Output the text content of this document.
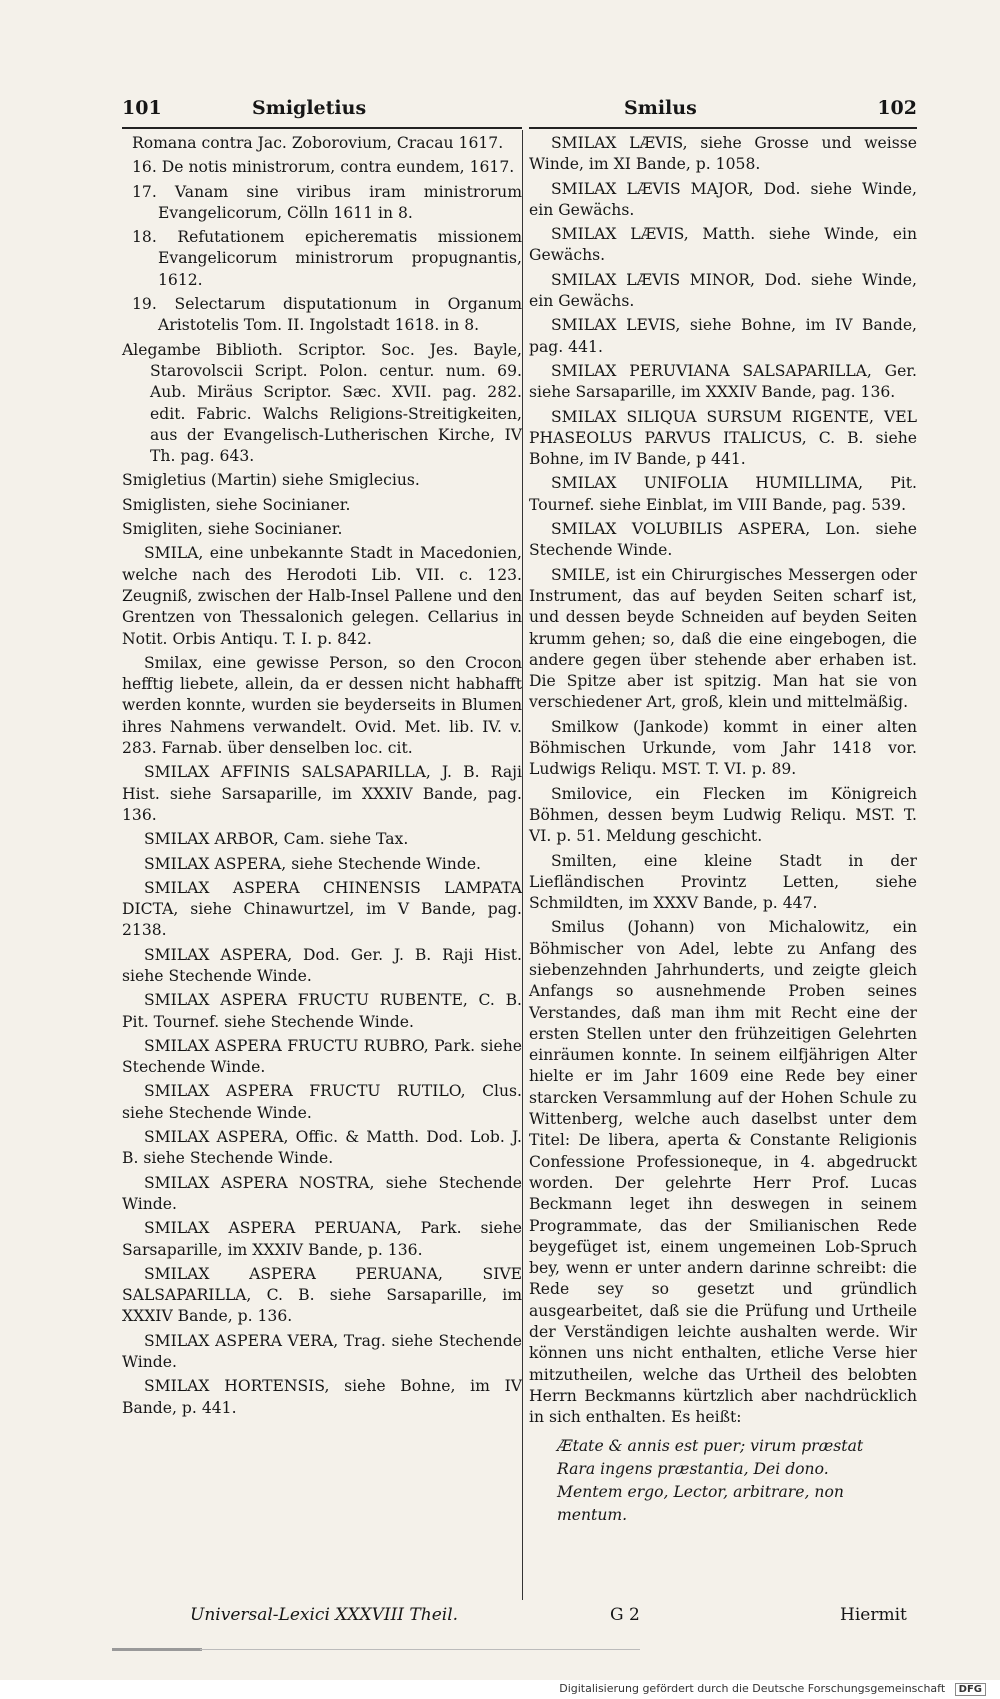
101	Smigletius	Smilus	102
Romana contra Jac. Zoborovium, Cracau 1617.
16. De notis ministrorum, contra eundem, 1617.
17. Vanam sine viribus iram ministrorum Evangelicorum, Cölln 1611 in 8.
18. Refutationem epicherematis missionem Evangelicorum ministrorum propugnantis, 1612.
19. Selectarum disputationum in Organum Aristotelis Tom. II. Ingolstadt 1618. in 8.
Alegambe Biblioth. Scriptor. Soc. Jes. Bayle, Starovolscii Script. Polon. centur. num. 69. Aub. Miräus Scriptor. Sæc. XVII. pag. 282. edit. Fabric. Walchs Religions-Streitigkeiten, aus der Evangelisch-Lutherischen Kirche, IV Th. pag. 643.
Smigletius (Martin) siehe Smiglecius.
Smiglisten, siehe Socinianer.
Smigliten, siehe Socinianer.
SMILA, eine unbekannte Stadt in Macedonien, welche nach des Herodoti Lib. VII. c. 123. Zeugniß, zwischen der Halb-Insel Pallene und den Grentzen von Thessalonich gelegen. Cellarius in Notit. Orbis Antiqu. T. I. p. 842.
Smilax, eine gewisse Person, so den Crocon hefftig liebete, allein, da er dessen nicht habhafft werden konnte, wurden sie beyderseits in Blumen ihres Nahmens verwandelt. Ovid. Met. lib. IV. v. 283. Farnab. über denselben loc. cit.
SMILAX AFFINIS SALSAPARILLA, J. B. Raji Hist. siehe Sarsaparille, im XXXIV Bande, pag. 136.
SMILAX ARBOR, Cam. siehe Tax.
SMILAX ASPERA, siehe Stechende Winde.
SMILAX ASPERA CHINENSIS LAMPATA DICTA, siehe Chinawurtzel, im V Bande, pag. 2138.
SMILAX ASPERA, Dod. Ger. J. B. Raji Hist. siehe Stechende Winde.
SMILAX ASPERA FRUCTU RUBENTE, C. B. Pit. Tournef. siehe Stechende Winde.
SMILAX ASPERA FRUCTU RUBRO, Park. siehe Stechende Winde.
SMILAX ASPERA FRUCTU RUTILO, Clus. siehe Stechende Winde.
SMILAX ASPERA, Offic. & Matth. Dod. Lob. J. B. siehe Stechende Winde.
SMILAX ASPERA NOSTRA, siehe Stechende Winde.
SMILAX ASPERA PERUANA, Park. siehe Sarsaparille, im XXXIV Bande, p. 136.
SMILAX ASPERA PERUANA, SIVE SALSAPARILLA, C. B. siehe Sarsaparille, im XXXIV Bande, p. 136.
SMILAX ASPERA VERA, Trag. siehe Stechende Winde.
SMILAX HORTENSIS, siehe Bohne, im IV Bande, p. 441.
SMILAX LÆVIS, siehe Grosse und weisse Winde, im XI Bande, p. 1058.
SMILAX LÆVIS MAJOR, Dod. siehe Winde, ein Gewächs.
SMILAX LÆVIS, Matth. siehe Winde, ein Gewächs.
SMILAX LÆVIS MINOR, Dod. siehe Winde, ein Gewächs.
SMILAX LEVIS, siehe Bohne, im IV Bande, pag. 441.
SMILAX PERUVIANA SALSAPARILLA, Ger. siehe Sarsaparille, im XXXIV Bande, pag. 136.
SMILAX SILIQUA SURSUM RIGENTE, VEL PHASEOLUS PARVUS ITALICUS, C. B. siehe Bohne, im IV Bande, p 441.
SMILAX UNIFOLIA HUMILLIMA, Pit. Tournef. siehe Einblat, im VIII Bande, pag. 539.
SMILAX VOLUBILIS ASPERA, Lon. siehe Stechende Winde.
SMILE, ist ein Chirurgisches Messergen oder Instrument, das auf beyden Seiten scharf ist, und dessen beyde Schneiden auf beyden Seiten krumm gehen; so, daß die eine eingebogen, die andere gegen über stehende aber erhaben ist. Die Spitze aber ist spitzig. Man hat sie von verschiedener Art, groß, klein und mittelmäßig.
Smilkow (Jankode) kommt in einer alten Böhmischen Urkunde, vom Jahr 1418 vor. Ludwigs Reliqu. MST. T. VI. p. 89.
Smilovice, ein Flecken im Königreich Böhmen, dessen beym Ludwig Reliqu. MST. T. VI. p. 51. Meldung geschicht.
Smilten, eine kleine Stadt in der Liefländischen Provintz Letten, siehe Schmildten, im XXXV Bande, p. 447.
Smilus (Johann) von Michalowitz, ein Böhmischer von Adel, lebte zu Anfang des siebenzehnden Jahrhunderts, und zeigte gleich Anfangs so ausnehmende Proben seines Verstandes, daß man ihm mit Recht eine der ersten Stellen unter den frühzeitigen Gelehrten einräumen konnte. In seinem eilfjährigen Alter hielte er im Jahr 1609 eine Rede bey einer starcken Versammlung auf der Hohen Schule zu Wittenberg, welche auch daselbst unter dem Titel: De libera, aperta & Constante Religionis Confessione Professioneque, in 4. abgedruckt worden. Der gelehrte Herr Prof. Lucas Beckmann leget ihn deswegen in seinem Programmate, das der Smilianischen Rede beygefüget ist, einem ungemeinen Lob-Spruch bey, wenn er unter andern darinne schreibt: die Rede sey so gesetzt und gründlich ausgearbeitet, daß sie die Prüfung und Urtheile der Verständigen leichte aushalten werde. Wir können uns nicht enthalten, etliche Verse hier mitzutheilen, welche das Urtheil des belobten Herrn Beckmanns kürtzlich aber nachdrücklich in sich enthalten. Es heißt:
Ætate & annis est puer; virum præstat
Rara ingens præstantia, Dei dono.
Mentem ergo, Lector, arbitrare, non mentum.
Universal-Lexici XXXVIII Theil.	G 2	Hiermit
Digitalisierung gefördert durch die Deutsche Forschungsgemeinschaft DFG
